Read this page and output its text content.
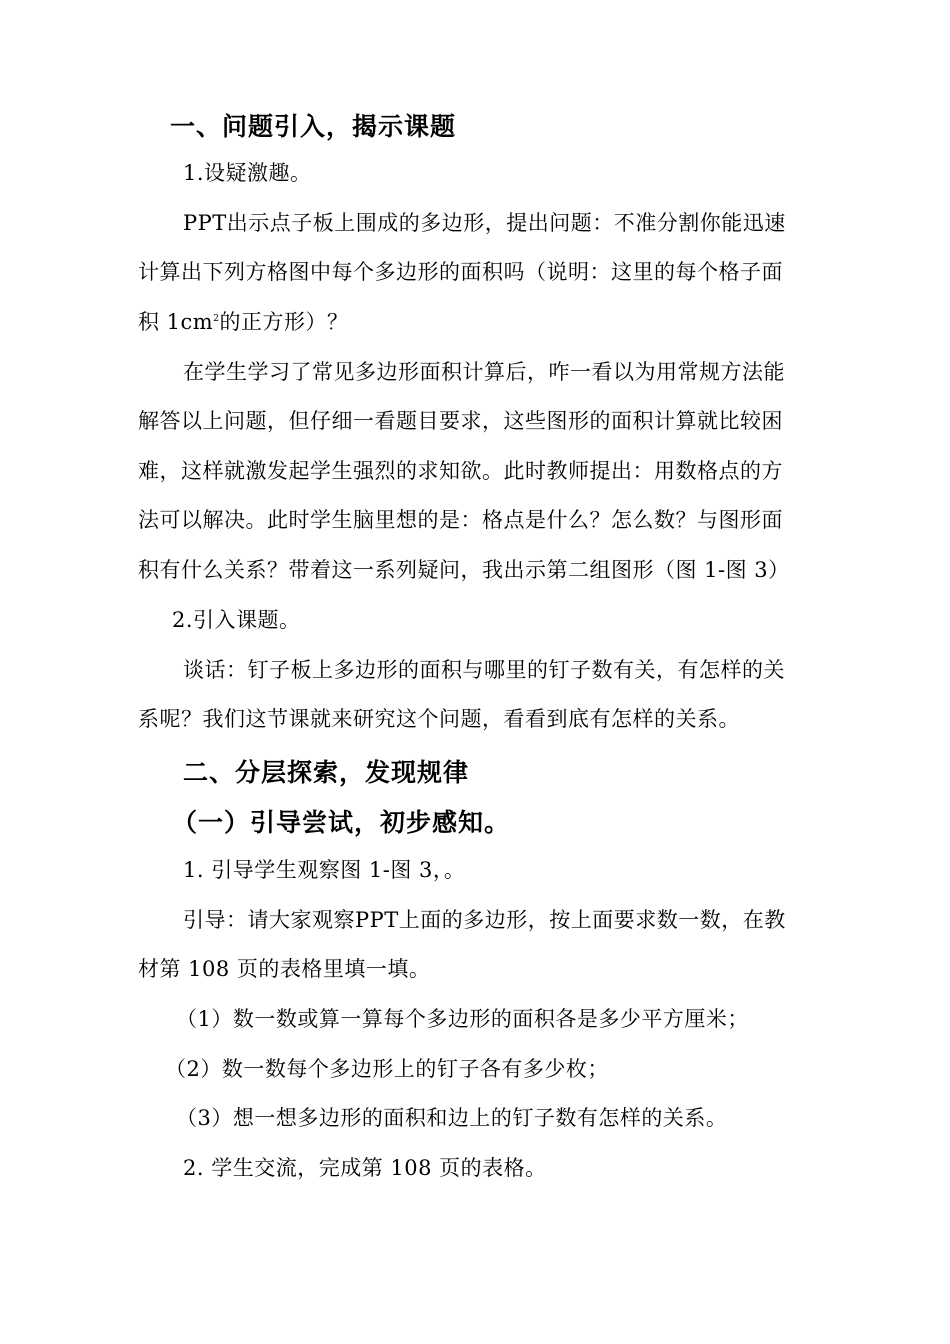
一、问题引入，揭示课题
1.设疑激趣。
PPT出示点子板上围成的多边形，提出问题：不准分割你能迅速
计算出下列方格图中每个多边形的面积吗（说明：这里的每个格子面
积 $1cm^2$的正方形）？
在学生学习了常见多边形面积计算后，咋一看以为用常规方法能
解答以上问题，但仔细一看题目要求，这些图形的面积计算就比较困
难，这样就激发起学生强烈的求知欲。此时教师提出：用数格点的方
法可以解决。此时学生脑里想的是：格点是什么？怎么数？与图形面
积有什么关系？带着这一系列疑问，我出示第二组图形（图 1-图 3）
2.引入课题。
谈话：钉子板上多边形的面积与哪里的钉子数有关，有怎样的关
系呢？我们这节课就来研究这个问题，看看到底有怎样的关系。
二、分层探索，发现规律
（一）引导尝试，初步感知。
1. 引导学生观察图 1-图 3，。
引导：请大家观察PPT上面的多边形，按上面要求数一数，在教
材第 108 页的表格里填一填。
（1）数一数或算一算每个多边形的面积各是多少平方厘米；
（2）数一数每个多边形上的钉子各有多少枚；
（3）想一想多边形的面积和边上的钉子数有怎样的关系。
2. 学生交流，完成第 108 页的表格。
